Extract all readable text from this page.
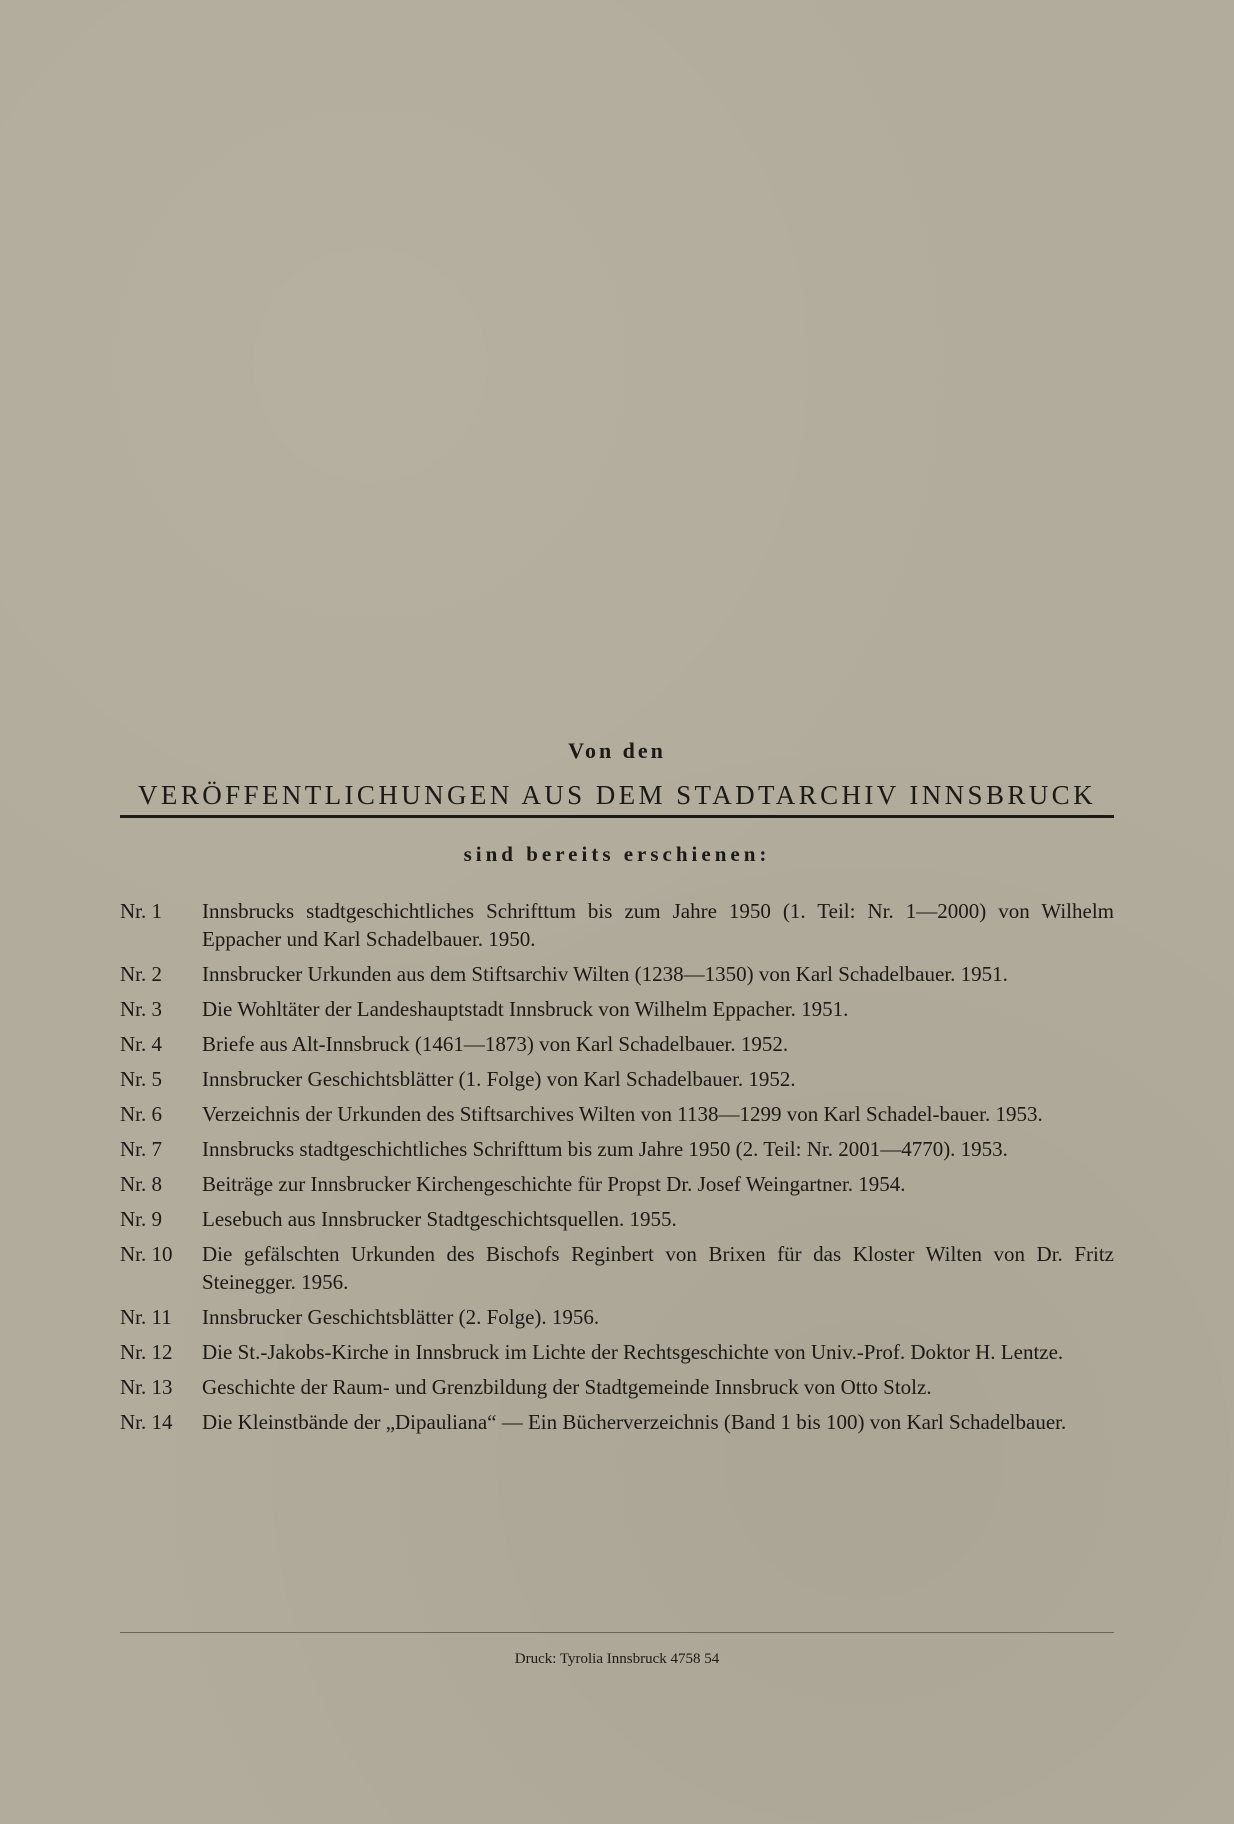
Von den
VERÖFFENTLICHUNGEN AUS DEM STADTARCHIV INNSBRUCK
sind bereits erschienen:
Nr. 1	Innsbrucks stadtgeschichtliches Schrifttum bis zum Jahre 1950 (1. Teil: Nr. 1—2000) von Wilhelm Eppacher und Karl Schadelbauer. 1950.
Nr. 2	Innsbrucker Urkunden aus dem Stiftsarchiv Wilten (1238—1350) von Karl Schadelbauer. 1951.
Nr. 3	Die Wohltäter der Landeshauptstadt Innsbruck von Wilhelm Eppacher. 1951.
Nr. 4	Briefe aus Alt-Innsbruck (1461—1873) von Karl Schadelbauer. 1952.
Nr. 5	Innsbrucker Geschichtsblätter (1. Folge) von Karl Schadelbauer. 1952.
Nr. 6	Verzeichnis der Urkunden des Stiftsarchives Wilten von 1138—1299 von Karl Schadel-bauer. 1953.
Nr. 7	Innsbrucks stadtgeschichtliches Schrifttum bis zum Jahre 1950 (2. Teil: Nr. 2001—4770). 1953.
Nr. 8	Beiträge zur Innsbrucker Kirchengeschichte für Propst Dr. Josef Weingartner. 1954.
Nr. 9	Lesebuch aus Innsbrucker Stadtgeschichtsquellen. 1955.
Nr. 10	Die gefälschten Urkunden des Bischofs Reginbert von Brixen für das Kloster Wilten von Dr. Fritz Steinegger. 1956.
Nr. 11	Innsbrucker Geschichtsblätter (2. Folge). 1956.
Nr. 12	Die St.-Jakobs-Kirche in Innsbruck im Lichte der Rechtsgeschichte von Univ.-Prof. Doktor H. Lentze.
Nr. 13	Geschichte der Raum- und Grenzbildung der Stadtgemeinde Innsbruck von Otto Stolz.
Nr. 14	Die Kleinstbände der „Dipauliana“ — Ein Bücherverzeichnis (Band 1 bis 100) von Karl Schadelbauer.
Druck: Tyrolia Innsbruck 4758 54
